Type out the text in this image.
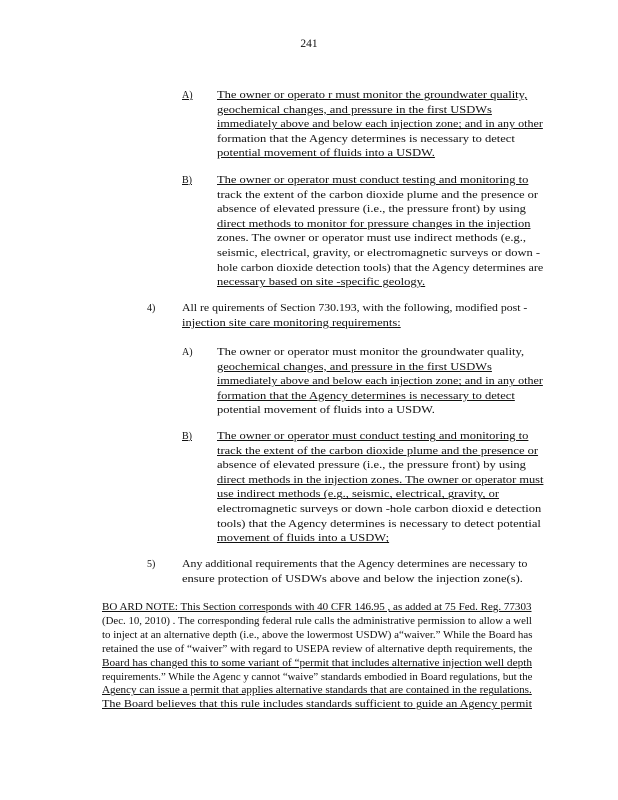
241
A) The owner or operato r must monitor the groundwater quality,
geochemical changes, and pressure in the first USDWs
immediately above and below each injection zone; and in any other
formation that the Agency determines is necessary to detect
potential movement of fluids into a USDW.
B)	The owner or operator must conduct testing and monitoring to
track the extent of the carbon dioxide plume and the presence or
absence of elevated pressure (i.e., the pressure front) by using
direct methods to monitor for pressure changes in the injection
zones. The owner or operator must use indirect methods (e.g.,
seismic, electrical, gravity, or electromagnetic surveys or down -
hole carbon dioxide detection tools) that the Agency determines are
necessary based on site -specific geology.
4)	All re quirements of Section 730.193, with the following, modified post -
injection site care monitoring requirements:
A) The owner or operator must monitor the groundwater quality,
geochemical changes, and pressure in the first USDWs
immediately above and below each injection zone; and in any other
formation that the Agency determines is necessary to detect
potential movement of fluids into a USDW.
B)	The owner or operator must conduct testing and monitoring to
track the extent of the carbon dioxide plume and the presence or
absence of elevated pressure (i.e., the pressure front) by using
direct methods in the injection zones. The owner or operator must
use indirect methods (e.g., seismic, electrical, gravity, or
electromagnetic surveys or down -hole carbon dioxid e detection
tools) that the Agency determines is necessary to detect potential
movement of fluids into a USDW;
5)	Any additional requirements that the Agency determines are necessary to
ensure protection of USDWs above and below the injection zone(s).
BO ARD NOTE: This Section corresponds with 40 CFR 146.95 , as added at 75 Fed. Reg. 77303
(Dec. 10, 2010) . The corresponding federal rule calls the administrative permission to allow a well
to inject at an alternative depth (i.e., above the lowermost USDW) a“waiver.” While the Board has
retained the use of “waiver” with regard to USEPA review of alternative depth requirements, the
Board has changed this to some variant of “permit that includes alternative injection well depth
requirements.” While the Agenc y cannot “waive” standards embodied in Board regulations, but the
Agency can issue a permit that applies alternative standards that are contained in the regulations.
The Board believes that this rule includes standards sufficient to guide an Agency permit
